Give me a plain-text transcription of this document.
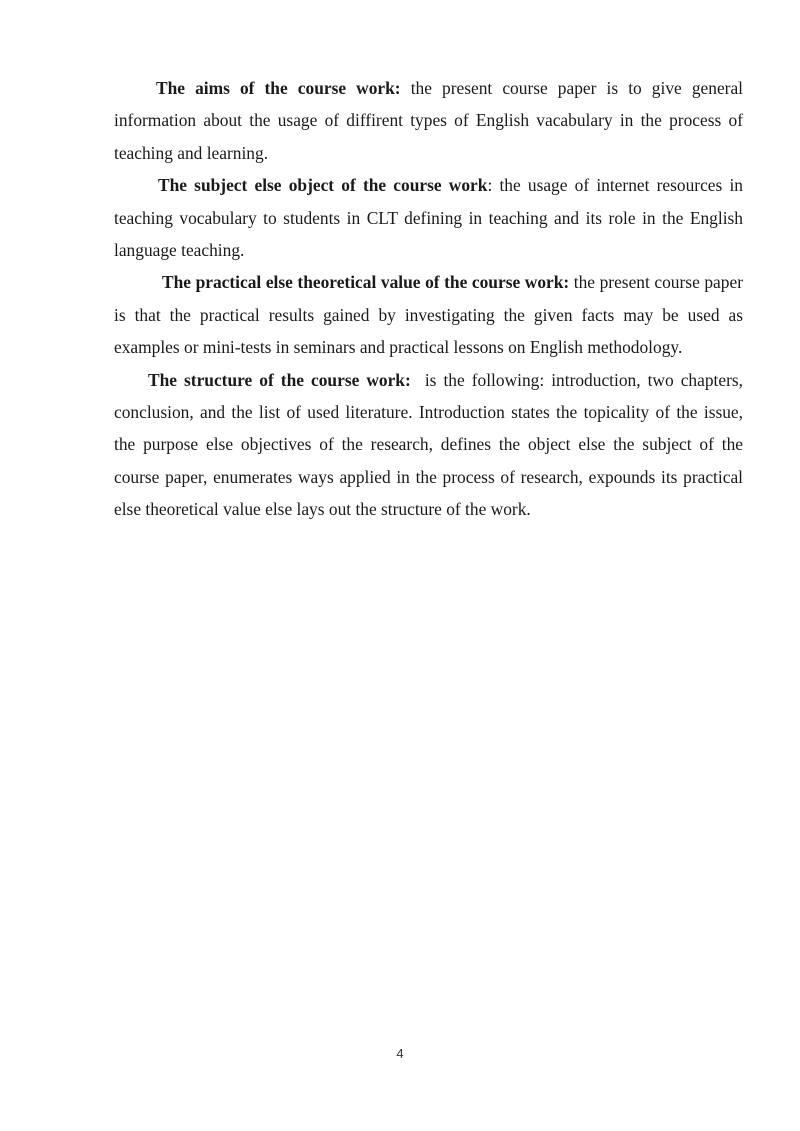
The aims of the course work: the present course paper is to give general information about the usage of diffirent types of English vacabulary in the process of teaching and learning.

The subject else object of the course work: the usage of internet resources in teaching vocabulary to students in CLT defining in teaching and its role in the English language teaching.

The practical else theoretical value of the course work: the present course paper is that the practical results gained by investigating the given facts may be used as examples or mini-tests in seminars and practical lessons on English methodology.

The structure of the course work:  is the following: introduction, two chapters, conclusion, and the list of used literature. Introduction states the topicality of the issue, the purpose else objectives of the research, defines the object else the subject of the course paper, enumerates ways applied in the process of research, expounds its practical else theoretical value else lays out the structure of the work.

4
